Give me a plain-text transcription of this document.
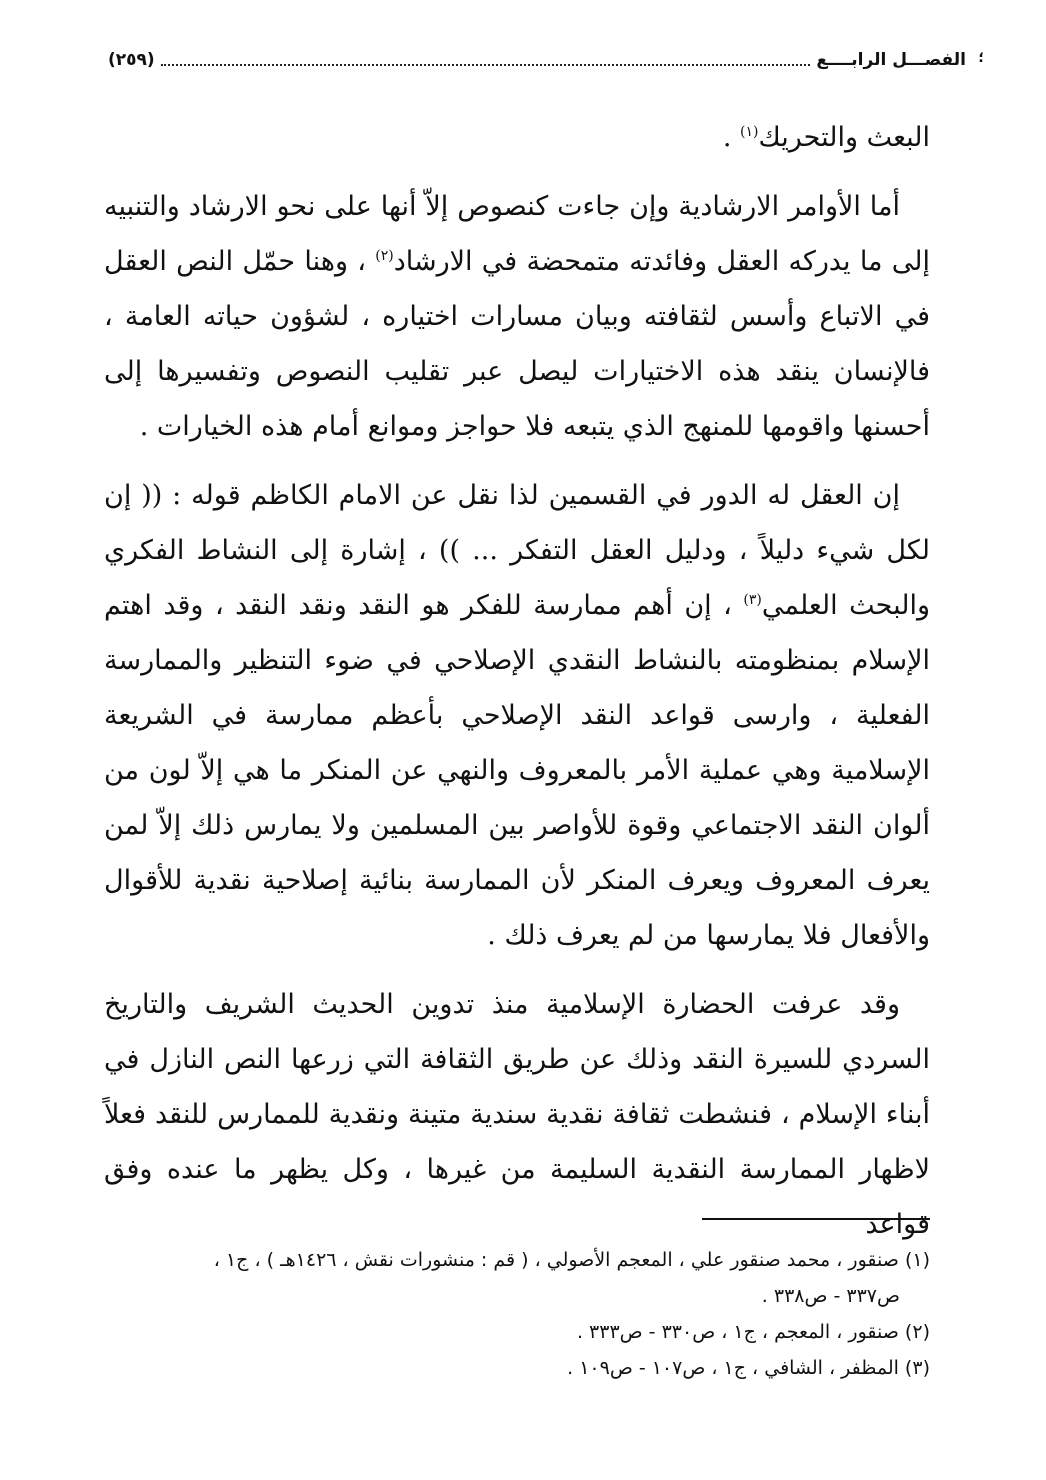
؛
الفصـــل الرابــــع
(٢٥٩)

البعث والتحريك$^{(١)}$ .

أما الأوامر الارشادية وإن جاءت كنصوص إلاّ أنها على نحو الارشاد والتنبيه إلى ما يدركه العقل وفائدته متمحضة في الارشاد$^{(٢)}$ ، وهنا حمّل النص العقل في الاتباع وأسس لثقافته وبيان مسارات اختياره ، لشؤون حياته العامة ، فالإنسان ينقد هذه الاختيارات ليصل عبر تقليب النصوص وتفسيرها إلى أحسنها واقومها للمنهج الذي يتبعه فلا حواجز وموانع أمام هذه الخيارات .

إن العقل له الدور في القسمين لذا نقل عن الامام الكاظم قوله : (( إن لكل شيء دليلاً ، ودليل العقل التفكر ... )) ، إشارة إلى النشاط الفكري والبحث العلمي$^{(٣)}$ ، إن أهم ممارسة للفكر هو النقد ونقد النقد ، وقد اهتم الإسلام بمنظومته بالنشاط النقدي الإصلاحي في ضوء التنظير والممارسة الفعلية ، وارسى قواعد النقد الإصلاحي بأعظم ممارسة في الشريعة الإسلامية وهي عملية الأمر بالمعروف والنهي عن المنكر ما هي إلاّ لون من ألوان النقد الاجتماعي وقوة للأواصر بين المسلمين ولا يمارس ذلك إلاّ لمن يعرف المعروف ويعرف المنكر لأن الممارسة بنائية إصلاحية نقدية للأقوال والأفعال فلا يمارسها من لم يعرف ذلك .

وقد عرفت الحضارة الإسلامية منذ تدوين الحديث الشريف والتاريخ السردي للسيرة النقد وذلك عن طريق الثقافة التي زرعها النص النازل في أبناء الإسلام ، فنشطت ثقافة نقدية سندية متينة ونقدية للممارس للنقد فعلاً لاظهار الممارسة النقدية السليمة من غيرها ، وكل يظهر ما عنده وفق قواعد

(١) صنقور ، محمد صنقور علي ، المعجم الأصولي ، ( قم : منشورات نقش ، ١٤٢٦هـ ) ، ج١ ،

ص٣٣٧ - ص٣٣٨ .

(٢) صنقور ، المعجم ، ج١ ، ص٣٣٠ - ص٣٣٣ .

(٣) المظفر ، الشافي ، ج١ ، ص١٠٧ - ص١٠٩ .
